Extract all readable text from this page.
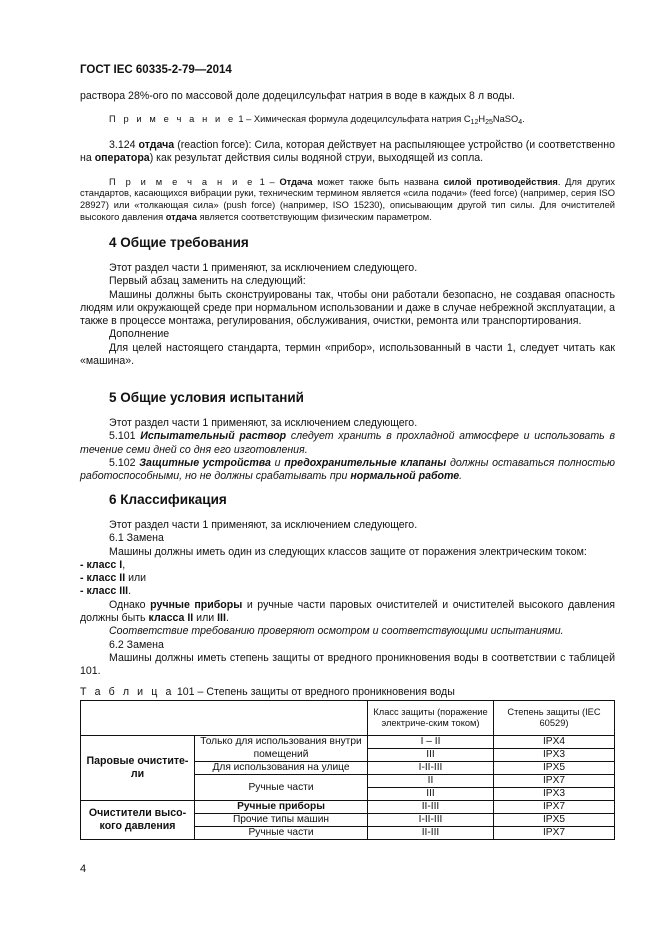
ГОСТ IEC 60335-2-79—2014

раствора 28%-ого по массовой доле додецилсульфат натрия в воде в каждых 8 л воды.

П р и м е ч а н и е 1 – Химическая формула додецилсульфата натрия $C_{12}H_{25}NaSO_4$.

3.124 отдача (reaction force): Сила, которая действует на распыляющее устройство (и соответственно на оператора) как результат действия силы водяной струи, выходящей из сопла.

П р и м е ч а н и е 1 – Отдача может также быть названа силой противодействия. Для других стандартов, касающихся вибрации руки, техническим термином является «сила подачи» (feed force) (например, серия ISO 28927) или «толкающая сила» (push force) (например, ISO 15230), описывающим другой тип силы. Для очистителей высокого давления отдача является соответствующим физическим параметром.

4 Общие требования

Этот раздел части 1 применяют, за исключением следующего.

Первый абзац заменить на следующий:

Машины должны быть сконструированы так, чтобы они работали безопасно, не создавая опасность людям или окружающей среде при нормальном использовании и даже в случае небрежной эксплуатации, а также в процессе монтажа, регулирования, обслуживания, очистки, ремонта или транспортирования.

Дополнение

Для целей настоящего стандарта, термин «прибор», использованный в части 1, следует читать как «машина».

5 Общие условия испытаний

Этот раздел части 1 применяют, за исключением следующего.

5.101 Испытательный раствор следует хранить в прохладной атмосфере и использовать в течение семи дней со дня его изготовления.

5.102 Защитные устройства и предохранительные клапаны должны оставаться полностью работоспособными, но не должны срабатывать при нормальной работе.

6 Классификация

Этот раздел части 1 применяют, за исключением следующего.

6.1 Замена

Машины должны иметь один из следующих классов защите от поражения электрическим током:

- класс I,

- класс II или

- класс III.

Однако ручные приборы и ручные части паровых очистителей и очистителей высокого давления должны быть класса II или III.

Соответствие требованию проверяют осмотром и соответствующими испытаниями.

6.2 Замена

Машины должны иметь степень защиты от вредного проникновения воды в соответствии с таблицей 101.

Т а б л и ц а 101 – Степень защиты от вредного проникновения воды
		Класс защиты (поражение электриче-ским током)	Степень защиты (IEC 60529)
Паровые очистите-ли	Только для использования внутри помещений	I – II	IPX4
		III	IPX3
	Для использования на улице	I-II-III	IPX5
	Ручные части	II	IPX7
		III	IPX3
Очистители высо-кого давления	Ручные приборы	II-III	IPX7
	Прочие типы машин	I-II-III	IPX5
	Ручные части	II-III	IPX7
4
